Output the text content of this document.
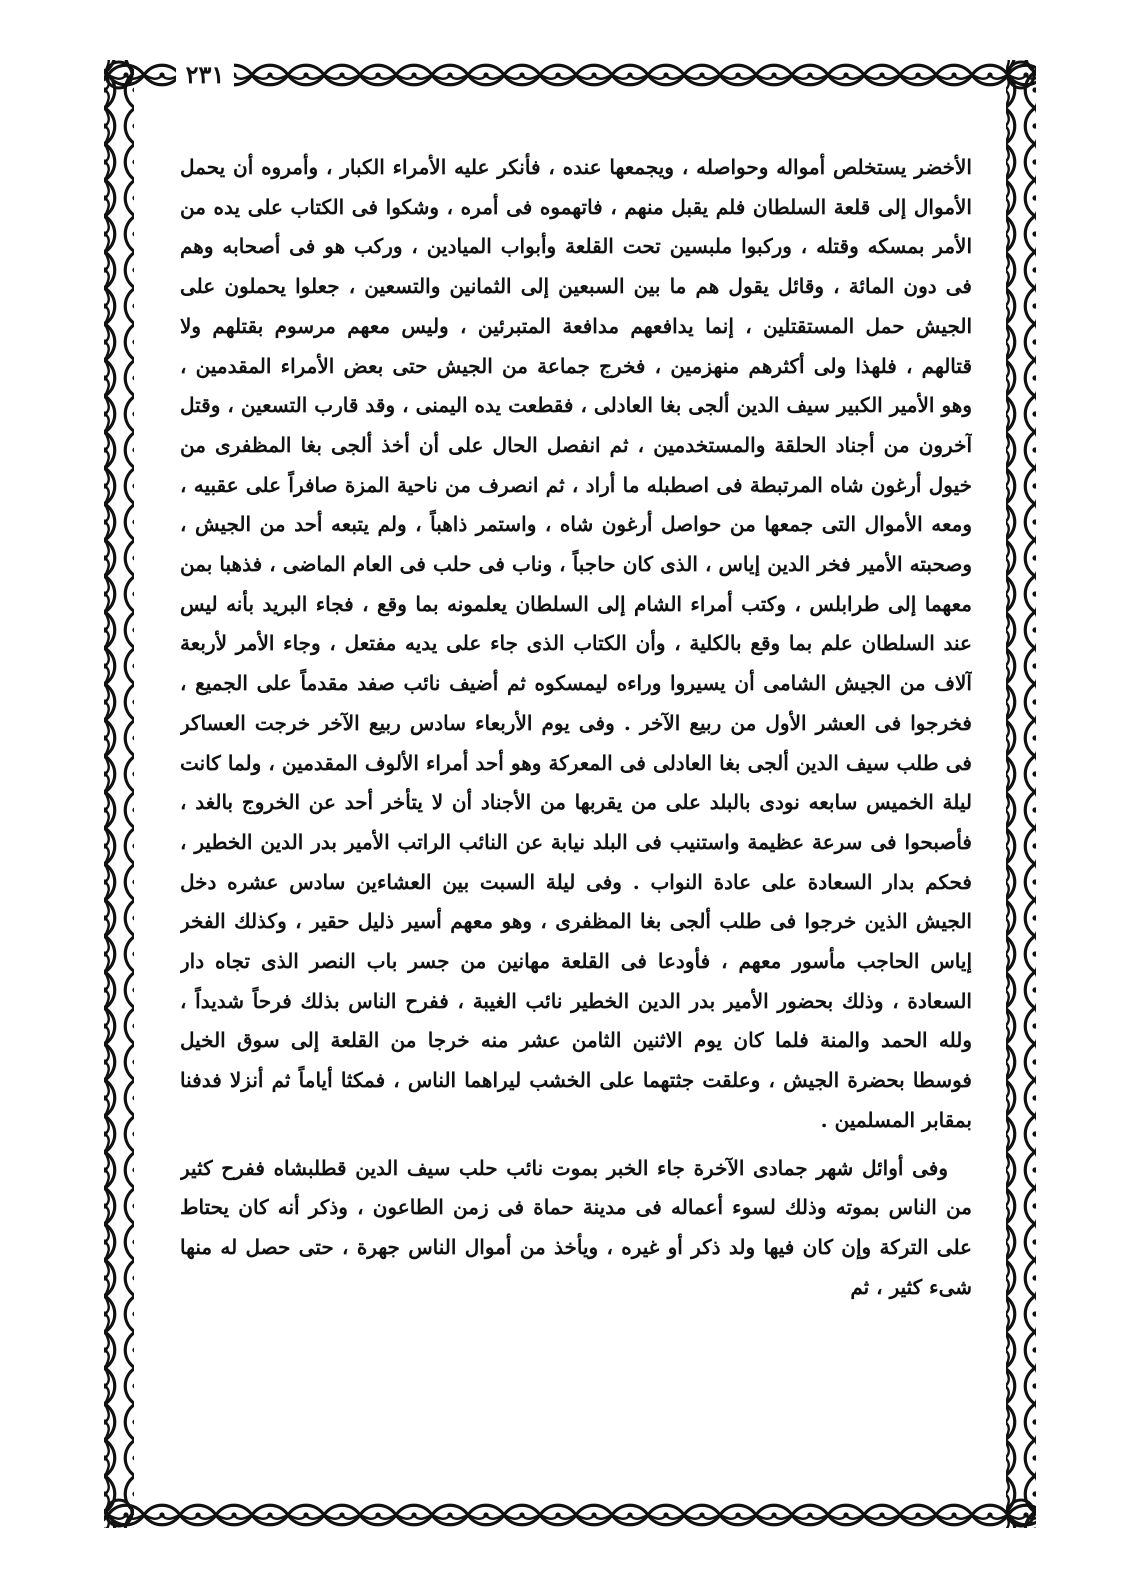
٢٣١

الأخضر يستخلص أمواله وحواصله ، ويجمعها عنده ، فأنكر عليه الأمراء الكبار ، وأمروه أن يحمل الأموال إلى قلعة السلطان فلم يقبل منهم ، فاتهموه فى أمره ، وشكوا فى الكتاب على يده من الأمر بمسكه وقتله ، وركبوا ملبسين تحت القلعة وأبواب الميادين ، وركب هو فى أصحابه وهم فى دون المائة ، وقائل يقول هم ما بين السبعين إلى الثمانين والتسعين ، جعلوا يحملون على الجيش حمل المستقتلين ، إنما يدافعهم مدافعة المتبرئين ، وليس معهم مرسوم بقتلهم ولا قتالهم ، فلهذا ولى أكثرهم منهزمين ، فخرج جماعة من الجيش حتى بعض الأمراء المقدمين ، وهو الأمير الكبير سيف الدين ألجى بغا العادلى ، فقطعت يده اليمنى ، وقد قارب التسعين ، وقتل آخرون من أجناد الحلقة والمستخدمين ، ثم انفصل الحال على أن أخذ ألجى بغا المظفرى من خيول أرغون شاه المرتبطة فى اصطبله ما أراد ، ثم انصرف من ناحية المزة صافراً على عقبيه ، ومعه الأموال التى جمعها من حواصل أرغون شاه ، واستمر ذاهباً ، ولم يتبعه أحد من الجيش ، وصحبته الأمير فخر الدين إياس ، الذى كان حاجباً ، وناب فى حلب فى العام الماضى ، فذهبا بمن معهما إلى طرابلس ، وكتب أمراء الشام إلى السلطان يعلمونه بما وقع ، فجاء البريد بأنه ليس عند السلطان علم بما وقع بالكلية ، وأن الكتاب الذى جاء على يديه مفتعل ، وجاء الأمر لأربعة آلاف من الجيش الشامى أن يسيروا وراءه ليمسكوه ثم أضيف نائب صفد مقدماً على الجميع ، فخرجوا فى العشر الأول من ربيع الآخر . وفى يوم الأربعاء سادس ربيع الآخر خرجت العساكر فى طلب سيف الدين ألجى بغا العادلى فى المعركة وهو أحد أمراء الألوف المقدمين ، ولما كانت ليلة الخميس سابعه نودى بالبلد على من يقربها من الأجناد أن لا يتأخر أحد عن الخروج بالغد ، فأصبحوا فى سرعة عظيمة واستنيب فى البلد نيابة عن النائب الراتب الأمير بدر الدين الخطير ، فحكم بدار السعادة على عادة النواب . وفى ليلة السبت بين العشاءين سادس عشره دخل الجيش الذين خرجوا فى طلب ألجى بغا المظفرى ، وهو معهم أسير ذليل حقير ، وكذلك الفخر إياس الحاجب مأسور معهم ، فأودعا فى القلعة مهانين من جسر باب النصر الذى تجاه دار السعادة ، وذلك بحضور الأمير بدر الدين الخطير نائب الغيبة ، ففرح الناس بذلك فرحاً شديداً ، ولله الحمد والمنة فلما كان يوم الاثنين الثامن عشر منه خرجا من القلعة إلى سوق الخيل فوسطا بحضرة الجيش ، وعلقت جثتهما على الخشب ليراهما الناس ، فمكثا أياماً ثم أنزلا فدفنا بمقابر المسلمين .

وفى أوائل شهر جمادى الآخرة جاء الخبر بموت نائب حلب سيف الدين قطلبشاه ففرح كثير من الناس بموته وذلك لسوء أعماله فى مدينة حماة فى زمن الطاعون ، وذكر أنه كان يحتاط على التركة وإن كان فيها ولد ذكر أو غيره ، ويأخذ من أموال الناس جهرة ، حتى حصل له منها شىء كثير ، ثم
